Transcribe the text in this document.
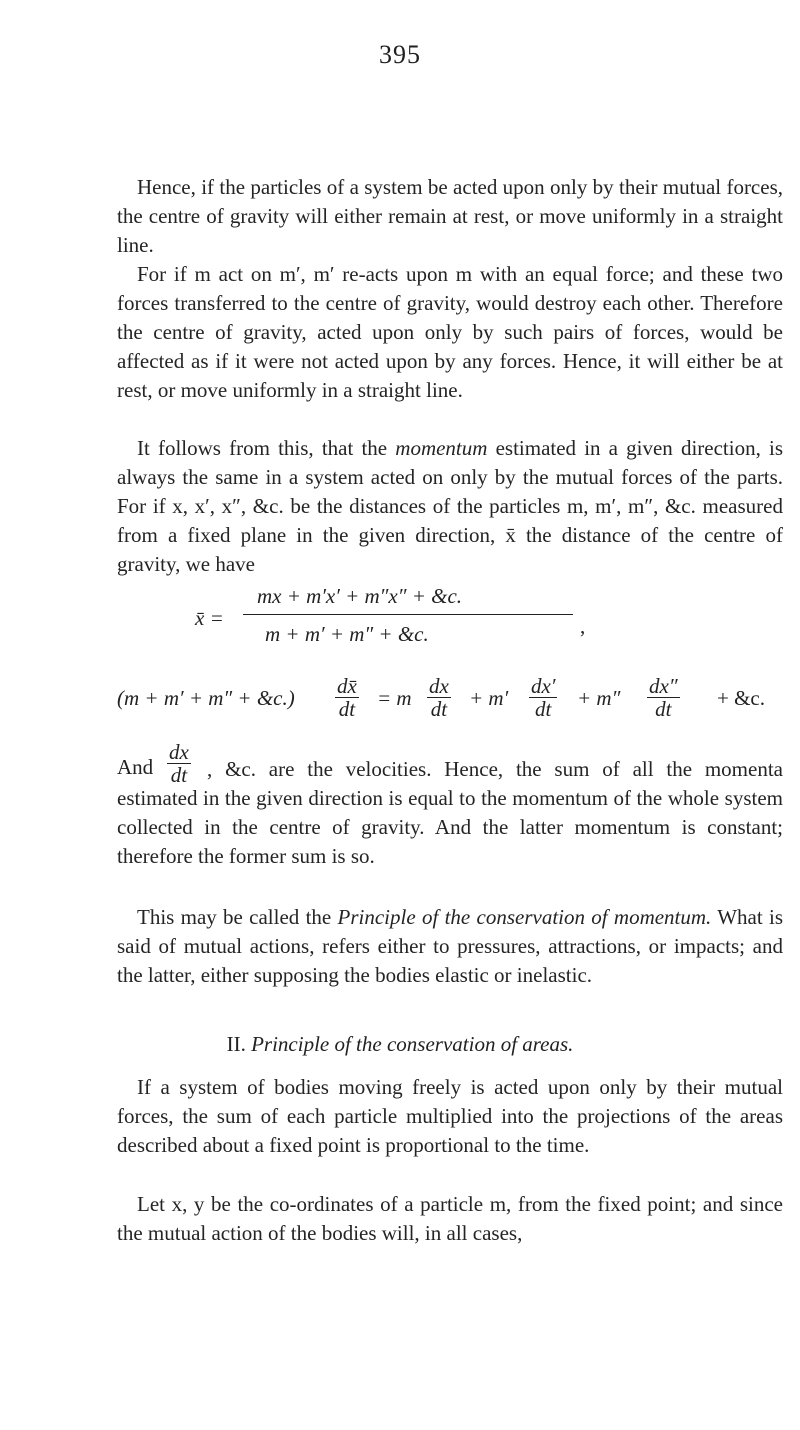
395

Hence, if the particles of a system be acted upon only by their mutual forces, the centre of gravity will either remain at rest, or move uniformly in a straight line.

For if m act on m′, m′ re-acts upon m with an equal force; and these two forces transferred to the centre of gravity, would destroy each other. Therefore the centre of gravity, acted upon only by such pairs of forces, would be affected as if it were not acted upon by any forces. Hence, it will either be at rest, or move uniformly in a straight line.

It follows from this, that the momentum estimated in a given direction, is always the same in a system acted on only by the mutual forces of the parts. For if x, x′, x″, &c. be the distances of the particles m, m′, m″, &c. measured from a fixed plane in the given direction, x̄ the distance of the centre of gravity, we have

x̄ =
mx + m′x′ + m″x″ + &c.
m + m′ + m″ + &c.	,
(m + m′ + m″ + &c.) $\frac{dx̄}{dt} = m \frac{dx}{dt} + m' \frac{dx'}{dt} + m'' \frac{dx''}{dt}$ + &c.
And $\frac{dx}{dt}$ , &c. are the velocities. Hence, the sum of all the momenta estimated in the given direction is equal to the momentum of the whole system collected in the centre of gravity. And the latter momentum is constant; therefore the former sum is so.

This may be called the Principle of the conservation of momentum. What is said of mutual actions, refers either to pressures, attractions, or impacts; and the latter, either supposing the bodies elastic or inelastic.

II. Principle of the conservation of areas.

If a system of bodies moving freely is acted upon only by their mutual forces, the sum of each particle multiplied into the projections of the areas described about a fixed point is proportional to the time.

Let x, y be the co-ordinates of a particle m, from the fixed point; and since the mutual action of the bodies will, in all cases,
